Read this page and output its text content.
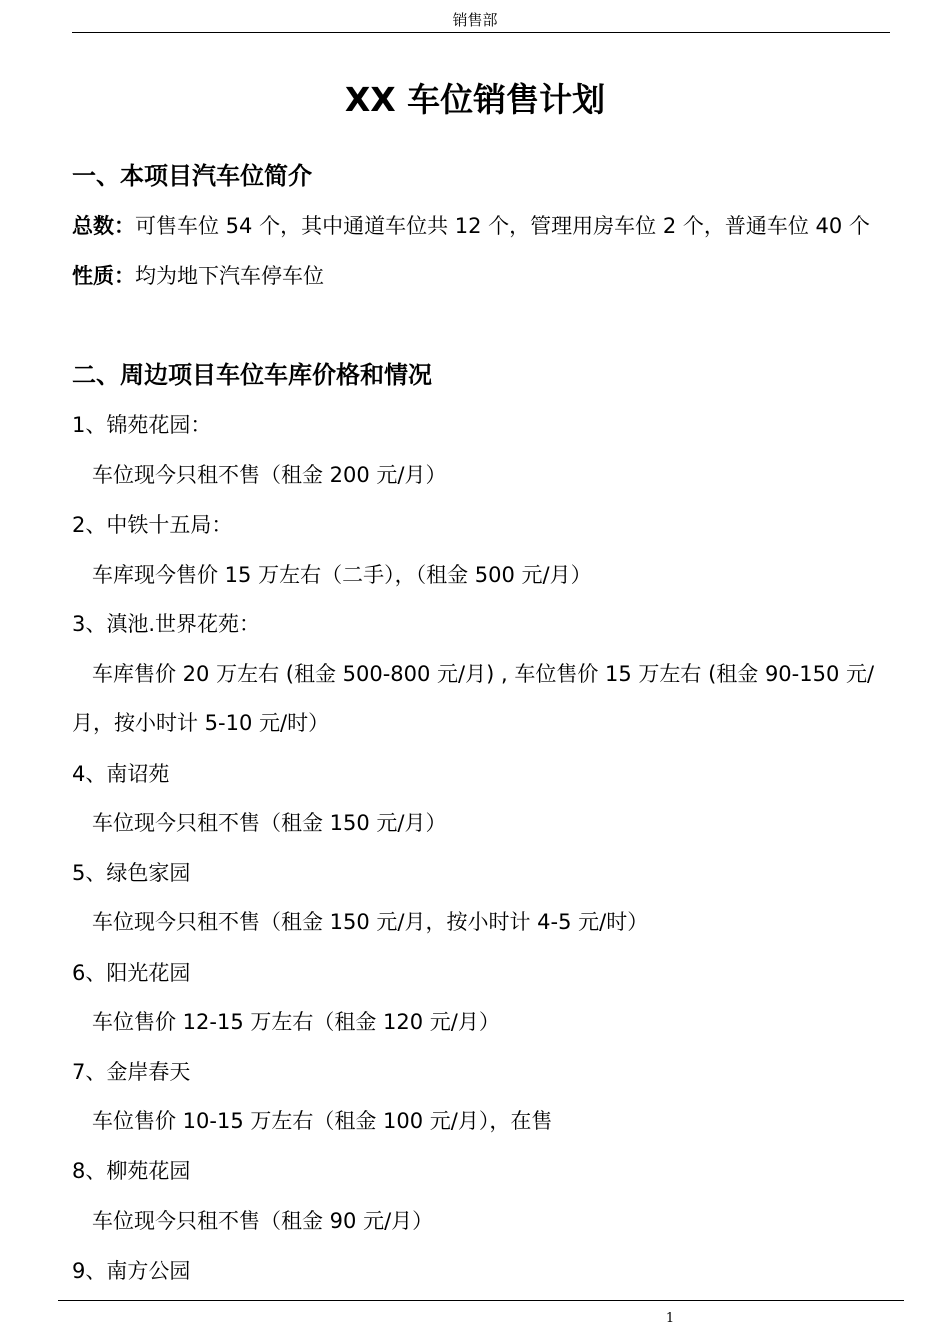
销售部
XX 车位销售计划
一、本项目汽车位简介
总数：可售车位 54 个，其中通道车位共 12 个，管理用房车位 2 个，普通车位 40 个
性质：均为地下汽车停车位
二、周边项目车位车库价格和情况
1、锦苑花园：
车位现今只租不售（租金 200 元/月）
2、中铁十五局：
车库现今售价 15 万左右（二手），（租金 500 元/月）
3、滇池.世界花苑：
车库售价 20 万左右 (租金 500-800 元/月) , 车位售价 15 万左右 (租金 90-150 元/
月，按小时计 5-10 元/时）
4、南诏苑
车位现今只租不售（租金 150 元/月）
5、绿色家园
车位现今只租不售（租金 150 元/月，按小时计 4-5 元/时）
6、阳光花园
车位售价 12-15 万左右（租金 120 元/月）
7、金岸春天
车位售价 10-15 万左右（租金 100 元/月），在售
8、柳苑花园
车位现今只租不售（租金 90 元/月）
9、南方公园
1
